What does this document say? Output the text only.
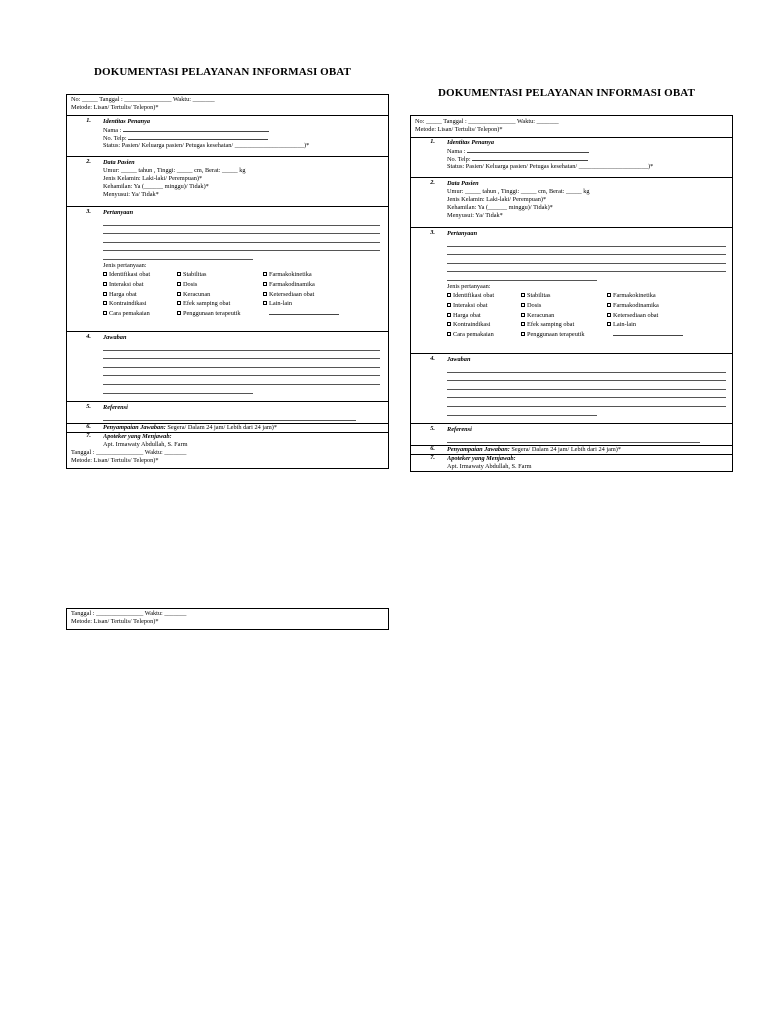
DOKUMENTASI PELAYANAN INFORMASI OBAT
No: _____ Tanggal : _______________ Waktu: _______
Metode: Lisan/ Tertulis/ Telepon)*
1.	Identitas Penanya
Nama :
No. Telp:
Status: Pasien/ Keluarga pasien/ Petugas kesehatan/ ______________________)*
2.	Data Pasien
Umur: _____ tahun , Tinggi: _____ cm, Berat: _____ kg
Jenis Kelamin: Laki-laki/ Perempuan)*
Kehamilan: Ya (______ minggu)/ Tidak)*
Menyusui: Ya/ Tidak*
3.	Pertanyaan
Jenis pertanyaan:
Identifikasi obat	Stabilitas	Farmakokinetika
Interaksi obat	Dosis	Farmakodinamika
Harga obat	Keracunan	Ketersediaan obat
Kontraindikasi	Efek samping obat	Lain-lain
Cara pemakaian	Penggunaan terapeutik
4.	Jawaban
5.	Referensi
6.	Penyampaian Jawaban: Segera/ Dalam 24 jam/ Lebih dari 24 jam)*
7.	Apoteker yang Menjawab:
Apt. Irmawaty Abdullah, S. Farm
Tanggal : _______________ Waktu: _______
Metode: Lisan/ Tertulis/ Telepon)*
Tanggal : _______________ Waktu: _______
Metode: Lisan/ Tertulis/ Telepon)*
DOKUMENTASI PELAYANAN INFORMASI OBAT
No: _____ Tanggal : _______________ Waktu: _______
Metode: Lisan/ Tertulis/ Telepon)*
1.	Identitas Penanya
Nama :
No. Telp:
Status: Pasien/ Keluarga pasien/ Petugas kesehatan/ ______________________)*
2.	Data Pasien
Umur: _____ tahun , Tinggi: _____ cm, Berat: _____ kg
Jenis Kelamin: Laki-laki/ Perempuan)*
Kehamilan: Ya (______ minggu)/ Tidak)*
Menyusui: Ya/ Tidak*
3.	Pertanyaan
Jenis pertanyaan:
Identifikasi obat	Stabilitas	Farmakokinetika
Interaksi obat	Dosis	Farmakodinamika
Harga obat	Keracunan	Ketersediaan obat
Kontraindikasi	Efek samping obat	Lain-lain
Cara pemakaian	Penggunaan terapeutik
4.	Jawaban
5.	Referensi
6.	Penyampaian Jawaban: Segera/ Dalam 24 jam/ Lebih dari 24 jam)*
7.	Apoteker yang Menjawab:
Apt. Irmawaty Abdullah, S. Farm
